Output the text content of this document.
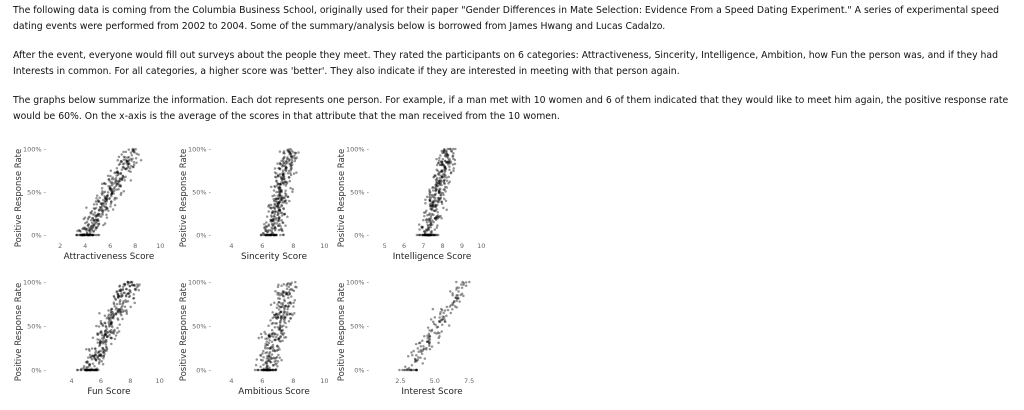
The following data is coming from the Columbia Business School, originally used for their paper "Gender Differences in Mate Selection: Evidence From a Speed Dating Experiment." A series of experimental speed dating events were performed from 2002 to 2004. Some of the summary/analysis below is borrowed from James Hwang and Lucas Cadalzo.

After the event, everyone would fill out surveys about the people they meet. They rated the participants on 6 categories: Attractiveness, Sincerity, Intelligence, Ambition, how Fun the person was, and if they had Interests in common. For all categories, a higher score was 'better'. They also indicate if they are interested in meeting with that person again.

The graphs below summarize the information. Each dot represents one person. For example, if a man met with 10 women and 6 of them indicated that they would like to meet him again, the positive response rate would be 60%. On the x-axis is the average of the scores in that attribute that the man received from the 10 women.

Positive Response Rate 0% -
50% -
100% -
2	4	6	8	10
Attractiveness Score
Positive Response Rate 0% -
50% -
100% -
4	6	8	10
Sincerity Score
Positive Response Rate 0% -
50% -
100% -
5 6 7 8 9 10
Intelligence Score
Positive Response Rate 0% -
50% -
100% -
4	6	8	10
Fun Score
Positive Response Rate 0% -
50% -
100% -
4	6	8	10
Ambitious Score
Positive Response Rate 0% -
50% -
100% -
2.5	5.0	7.5
Interest Score
